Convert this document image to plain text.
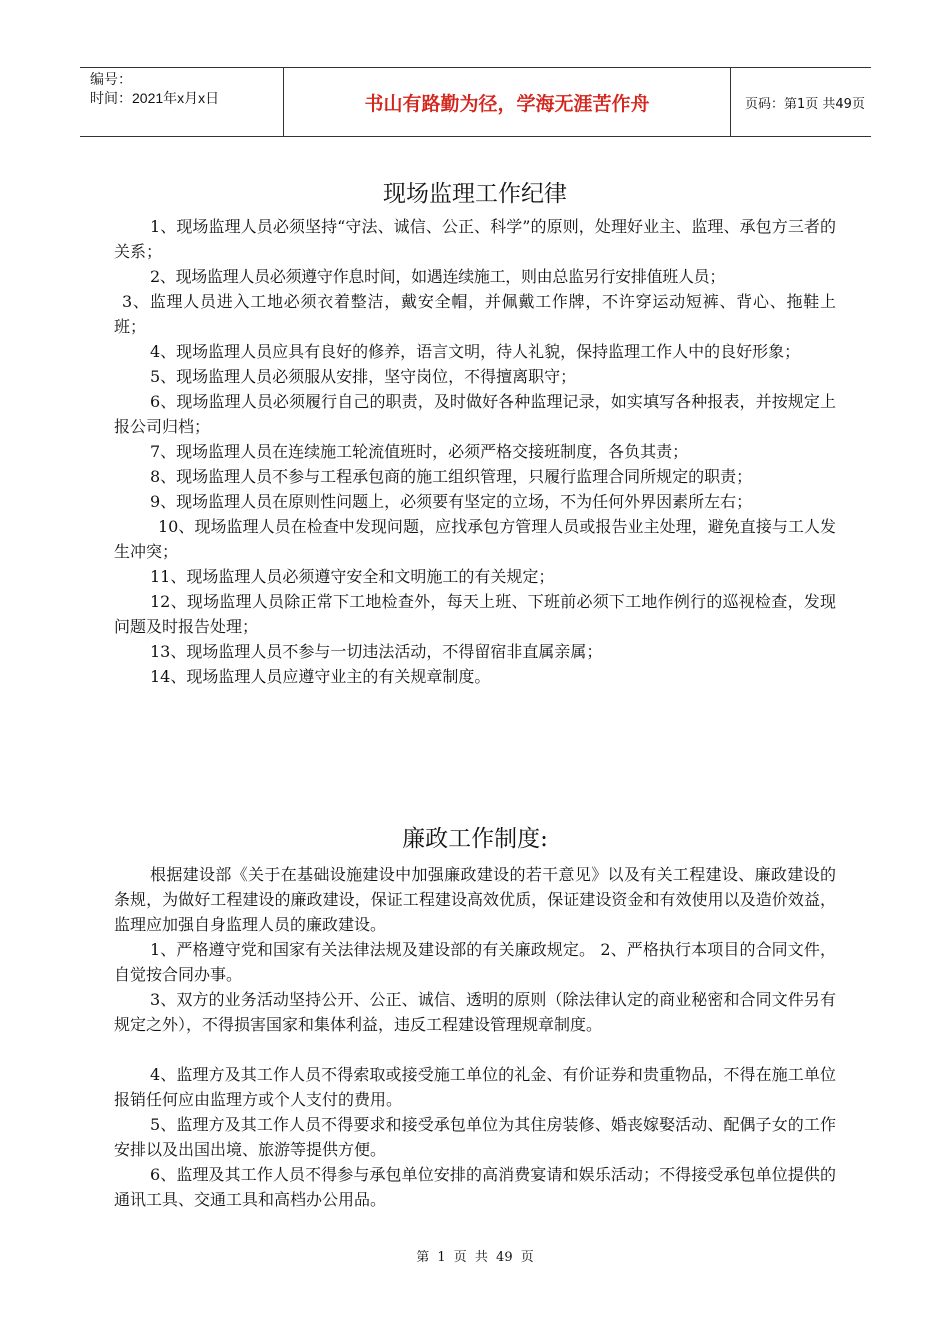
编号：
时间：2021年x月x日	书山有路勤为径，学海无涯苦作舟	页码：第1页 共49页
现场监理工作纪律

1、现场监理人员必须坚持“守法、诚信、公正、科学”的原则，处理好业主、监理、承包方三者的关系；

2、现场监理人员必须遵守作息时间，如遇连续施工，则由总监另行安排值班人员；

3、监理人员进入工地必须衣着整洁，戴安全帽，并佩戴工作牌，不许穿运动短裤、背心、拖鞋上班；

4、现场监理人员应具有良好的修养，语言文明，待人礼貌，保持监理工作人中的良好形象；

5、现场监理人员必须服从安排，坚守岗位，不得擅离职守；

6、现场监理人员必须履行自己的职责，及时做好各种监理记录，如实填写各种报表，并按规定上报公司归档；

7、现场监理人员在连续施工轮流值班时，必须严格交接班制度，各负其责；

8、现场监理人员不参与工程承包商的施工组织管理，只履行监理合同所规定的职责；

9、现场监理人员在原则性问题上，必须要有坚定的立场，不为任何外界因素所左右；

10、现场监理人员在检查中发现问题，应找承包方管理人员或报告业主处理，避免直接与工人发生冲突；

11、现场监理人员必须遵守安全和文明施工的有关规定；

12、现场监理人员除正常下工地检查外，每天上班、下班前必须下工地作例行的巡视检查，发现问题及时报告处理；

13、现场监理人员不参与一切违法活动，不得留宿非直属亲属；

14、现场监理人员应遵守业主的有关规章制度。

廉政工作制度:

根据建设部《关于在基础设施建设中加强廉政建设的若干意见》以及有关工程建设、廉政建设的条规，为做好工程建设的廉政建设，保证工程建设高效优质，保证建设资金和有效使用以及造价效益，监理应加强自身监理人员的廉政建设。

1、严格遵守党和国家有关法律法规及建设部的有关廉政规定。 2、严格执行本项目的合同文件，自觉按合同办事。

3、双方的业务活动坚持公开、公正、诚信、透明的原则（除法律认定的商业秘密和合同文件另有规定之外），不得损害国家和集体利益，违反工程建设管理规章制度。

4、监理方及其工作人员不得索取或接受施工单位的礼金、有价证券和贵重物品，不得在施工单位报销任何应由监理方或个人支付的费用。

5、监理方及其工作人员不得要求和接受承包单位为其住房装修、婚丧嫁娶活动、配偶子女的工作安排以及出国出境、旅游等提供方便。

6、监理及其工作人员不得参与承包单位安排的高消费宴请和娱乐活动；不得接受承包单位提供的通讯工具、交通工具和高档办公用品。

第 1 页 共 49 页
